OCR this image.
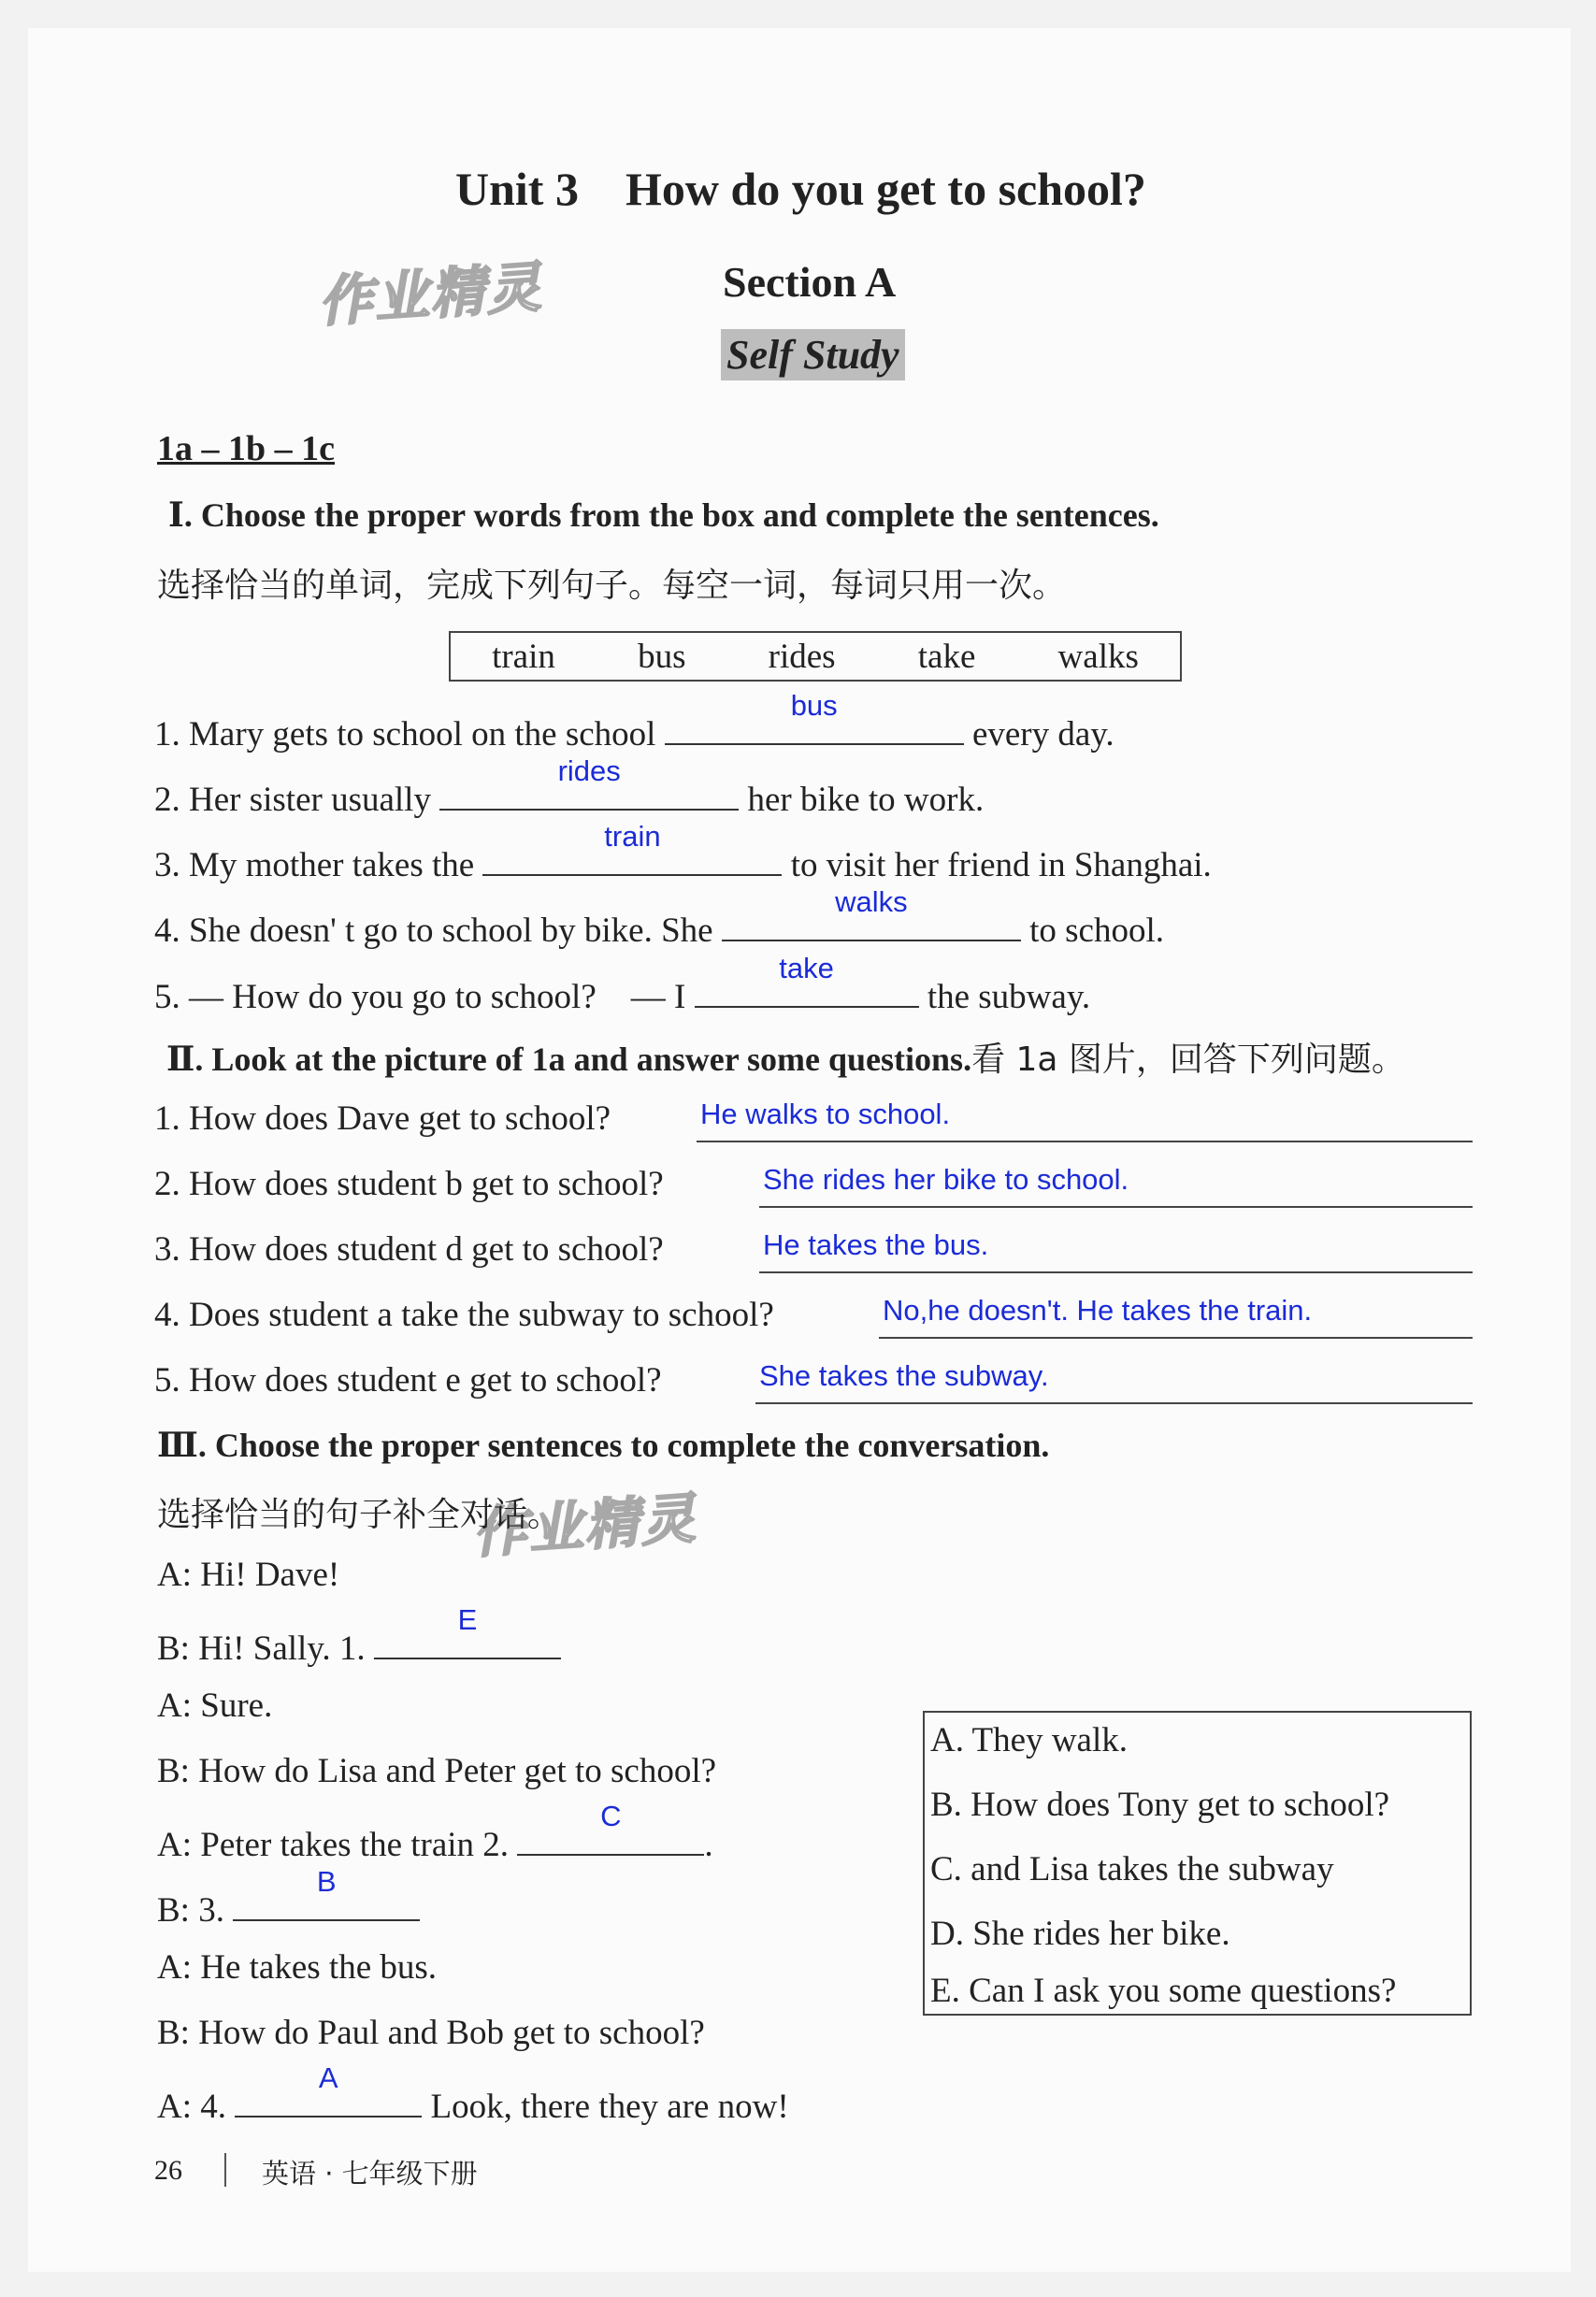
Unit 3　How do you get to school?
Section A
Self Study
作业精灵
作业精灵
1a – 1b – 1c
Ⅰ. Choose the proper words from the box and complete the sentences.
选择恰当的单词，完成下列句子。每空一词，每词只用一次。
train bus rides take walks
1. Mary gets to school on the school
bus
every day.
2. Her sister usually
rides
her bike to work.
3. My mother takes the
train
to visit her friend in Shanghai.
4. She doesn' t go to school by bike. She
walks
to school.
5. — How do you go to school?　— I
take
the subway.
Ⅱ. Look at the picture of 1a and answer some questions.看 1a 图片，回答下列问题。
1. How does Dave get to school?	He walks to school.
2. How does student b get to school?	She rides her bike to school.
3. How does student d get to school?	He takes the bus.
4. Does student a take the subway to school?	No,he doesn't. He takes the train.
5. How does student e get to school?	She takes the subway.
Ⅲ. Choose the proper sentences to complete the conversation.
选择恰当的句子补全对话。
A: Hi! Dave!
B: Hi! Sally. 1.
E
A: Sure.
B: How do Lisa and Peter get to school?
A: Peter takes the train 2.
C
.
B: 3.
B
A: He takes the bus.
B: How do Paul and Bob get to school?
A: 4.
A
Look, there they are now!
A. They walk.
B. How does Tony get to school?
C. and Lisa takes the subway
D. She rides her bike.
E. Can I ask you some questions?
26	英语 · 七年级下册
